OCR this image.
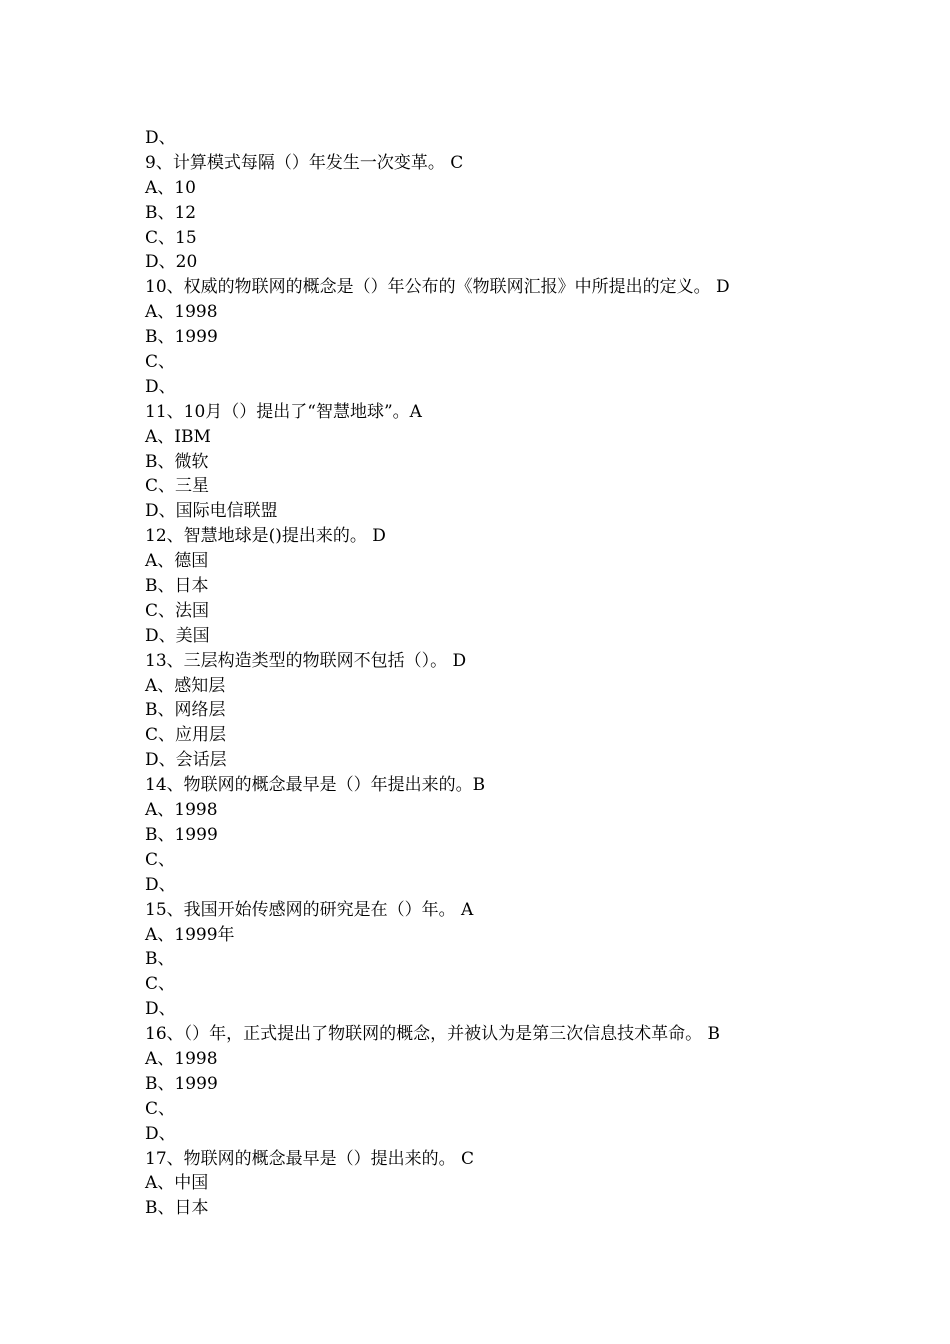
D、
9、计算模式每隔（）年发生一次变革。 C
A、10
B、12
C、15
D、20
10、权威的物联网的概念是（）年公布的《物联网汇报》中所提出的定义。 D
A、1998
B、1999
C、
D、
11、10月（）提出了“智慧地球”。A
A、IBM
B、微软
C、三星
D、国际电信联盟
12、智慧地球是()提出来的。 D
A、德国
B、日本
C、法国
D、美国
13、三层构造类型的物联网不包括（）。 D
A、感知层
B、网络层
C、应用层
D、会话层
14、物联网的概念最早是（）年提出来的。B
A、1998
B、1999
C、
D、
15、我国开始传感网的研究是在（）年。 A
A、1999年
B、
C、
D、
16、（）年，正式提出了物联网的概念，并被认为是第三次信息技术革命。 B
A、1998
B、1999
C、
D、
17、物联网的概念最早是（）提出来的。 C
A、中国
B、日本
